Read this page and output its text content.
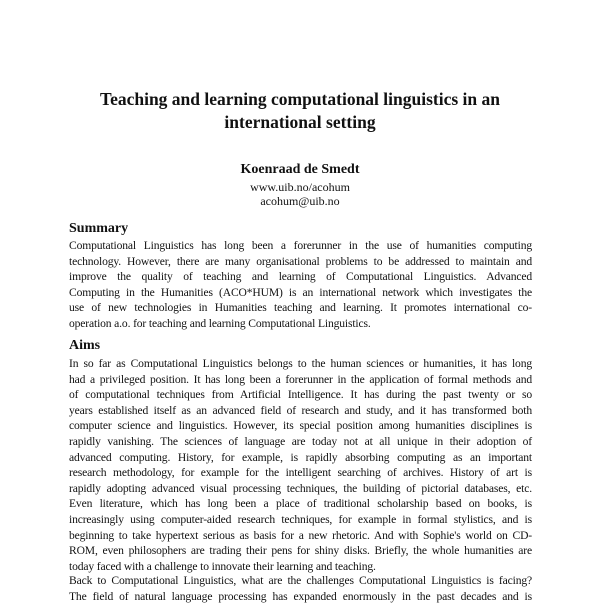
Teaching and learning computational linguistics in an
international setting
Koenraad de Smedt
www.uib.no/acohum
acohum@uib.no
Summary

Computational Linguistics has long been a forerunner in the use of humanities computing
technology. However, there are many organisational problems to be addressed to maintain and
improve the quality of teaching and learning of Computational Linguistics. Advanced
Computing in the Humanities (ACO*HUM) is an international network which investigates the
use of new technologies in Humanities teaching and learning. It promotes international co-
operation a.o. for teaching and learning Computational Linguistics.

Aims

In so far as Computational Linguistics belongs to the human sciences or humanities, it has long
had a privileged position. It has long been a forerunner in the application of formal methods and
of computational techniques from Artificial Intelligence. It has during the past twenty or so
years established itself as an advanced field of research and study, and it has transformed both
computer science and linguistics. However, its special position among humanities disciplines is
rapidly vanishing. The sciences of language are today not at all unique in their adoption of
advanced computing. History, for example, is rapidly absorbing computing as an important
research methodology, for example for the intelligent searching of archives. History of art is
rapidly adopting advanced visual processing techniques, the building of pictorial databases, etc.
Even literature, which has long been a place of traditional scholarship based on books, is
increasingly using computer-aided research techniques, for example in formal stylistics, and is
beginning to take hypertext serious as basis for a new rhetoric. And with Sophie's world on CD-
ROM, even philosophers are trading their pens for shiny disks. Briefly, the whole humanities are
today faced with a challenge to innovate their learning and teaching.

Back to Computational Linguistics, what are the challenges Computational Linguistics is facing?
The field of natural language processing has expanded enormously in the past decades and is
